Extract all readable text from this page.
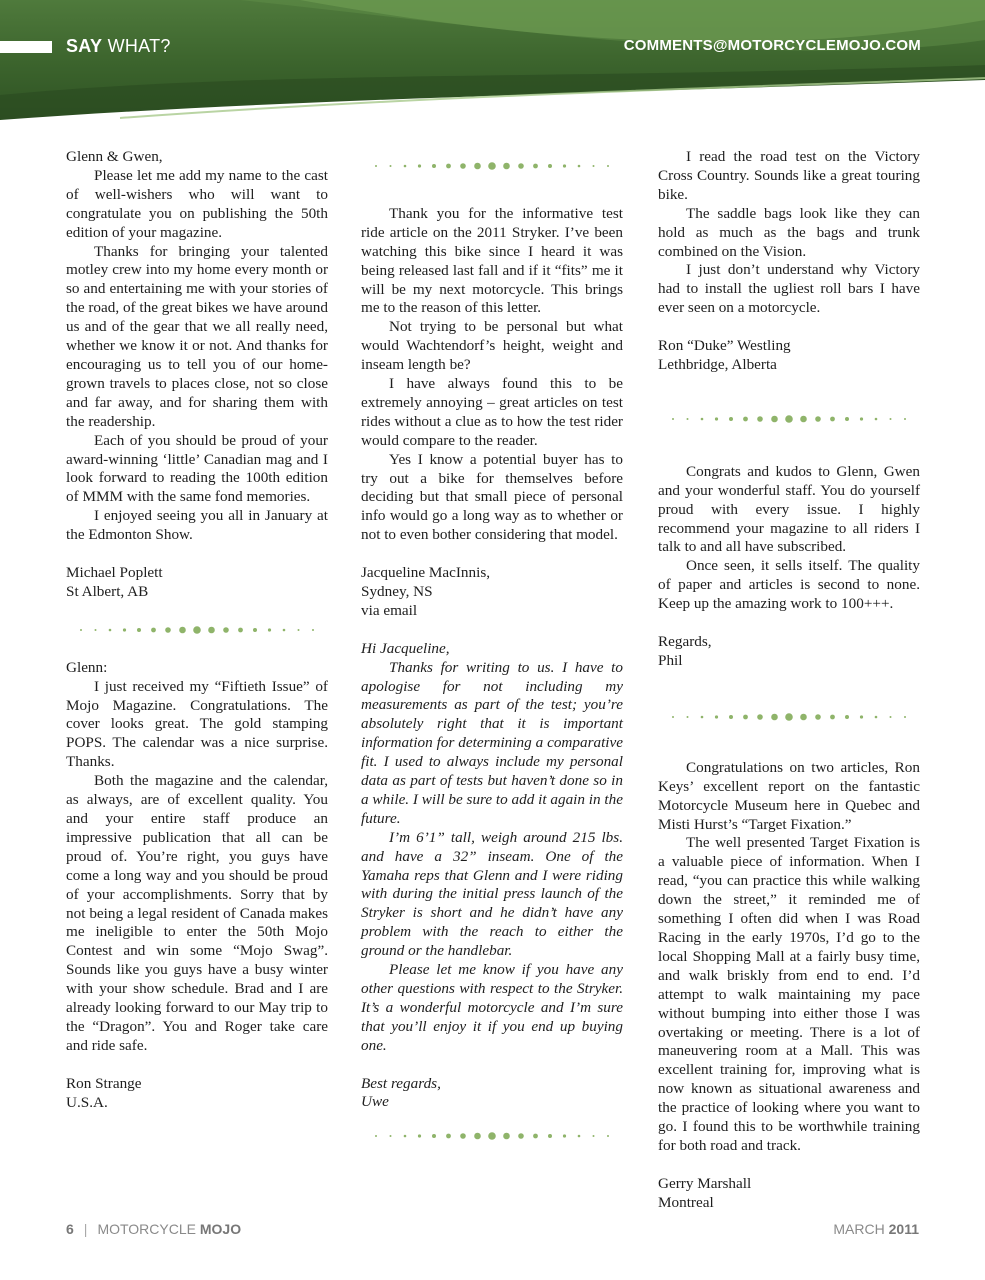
SAY WHAT?	COMMENTS@MOTORCYCLEMOJO.COM

Glenn & Gwen,

Please let me add my name to the cast of well-wishers who will want to congratulate you on publishing the 50th edition of your magazine.

Thanks for bringing your talented motley crew into my home every month or so and entertaining me with your stories of the road, of the great bikes we have around us and of the gear that we all really need, whether we know it or not. And thanks for encouraging us to tell you of our home-grown travels to places close, not so close and far away, and for sharing them with the readership.

Each of you should be proud of your award-winning ‘little’ Canadian mag and I look forward to reading the 100th edition of MMM with the same fond memories.

I enjoyed seeing you all in January at the Edmonton Show.

Michael Poplett

St Albert, AB

Glenn:

I just received my “Fiftieth Issue” of Mojo Magazine. Congratulations. The cover looks great. The gold stamping POPS. The calendar was a nice surprise. Thanks.

Both the magazine and the calendar, as always, are of excellent quality. You and your entire staff produce an impressive publication that all can be proud of. You’re right, you guys have come a long way and you should be proud of your accomplishments. Sorry that by not being a legal resident of Canada makes me ineligible to enter the 50th Mojo Contest and win some “Mojo Swag”. Sounds like you guys have a busy winter with your show schedule. Brad and I are already looking forward to our May trip to the “Dragon”. You and Roger take care and ride safe.

Ron Strange

U.S.A.

Thank you for the informative test ride article on the 2011 Stryker. I’ve been watching this bike since I heard it was being released last fall and if it “fits” me it will be my next motorcycle. This brings me to the reason of this letter.

Not trying to be personal but what would Wachtendorf’s height, weight and inseam length be?

I have always found this to be extremely annoying – great articles on test rides without a clue as to how the test rider would compare to the reader.

Yes I know a potential buyer has to try out a bike for themselves before deciding but that small piece of personal info would go a long way as to whether or not to even bother considering that model.

Jacqueline MacInnis,

Sydney, NS

via email

Hi Jacqueline,

Thanks for writing to us. I have to apologise for not including my measurements as part of the test; you’re absolutely right that it is important information for determining a comparative fit. I used to always include my personal data as part of tests but haven’t done so in a while. I will be sure to add it again in the future.

I’m 6’1” tall, weigh around 215 lbs. and have a 32” inseam. One of the Yamaha reps that Glenn and I were riding with during the initial press launch of the Stryker is short and he didn’t have any problem with the reach to either the ground or the handlebar.

Please let me know if you have any other questions with respect to the Stryker. It’s a wonderful motorcycle and I’m sure that you’ll enjoy it if you end up buying one.

Best regards,

Uwe

I read the road test on the Victory Cross Country. Sounds like a great touring bike.

The saddle bags look like they can hold as much as the bags and trunk combined on the Vision.

I just don’t understand why Victory had to install the ugliest roll bars I have ever seen on a motorcycle.

Ron “Duke” Westling

Lethbridge, Alberta

Congrats and kudos to Glenn, Gwen and your wonderful staff. You do yourself proud with every issue. I highly recommend your magazine to all riders I talk to and all have subscribed.

Once seen, it sells itself. The quality of paper and articles is second to none. Keep up the amazing work to 100+++.

Regards,

Phil

Congratulations on two articles, Ron Keys’ excellent report on the fantastic Motorcycle Museum here in Quebec and Misti Hurst’s “Target Fixation.”

The well presented Target Fixation is a valuable piece of information. When I read, “you can practice this while walking down the street,” it reminded me of something I often did when I was Road Racing in the early 1970s, I’d go to the local Shopping Mall at a fairly busy time, and walk briskly from end to end. I’d attempt to walk maintaining my pace without bumping into either those I was overtaking or meeting. There is a lot of maneuvering room at a Mall. This was excellent training for, improving what is now known as situational awareness and the practice of looking where you want to go. I found this to be worthwhile training for both road and track.

Gerry Marshall

Montreal

6 | MOTORCYCLE MOJO	MARCH 2011
